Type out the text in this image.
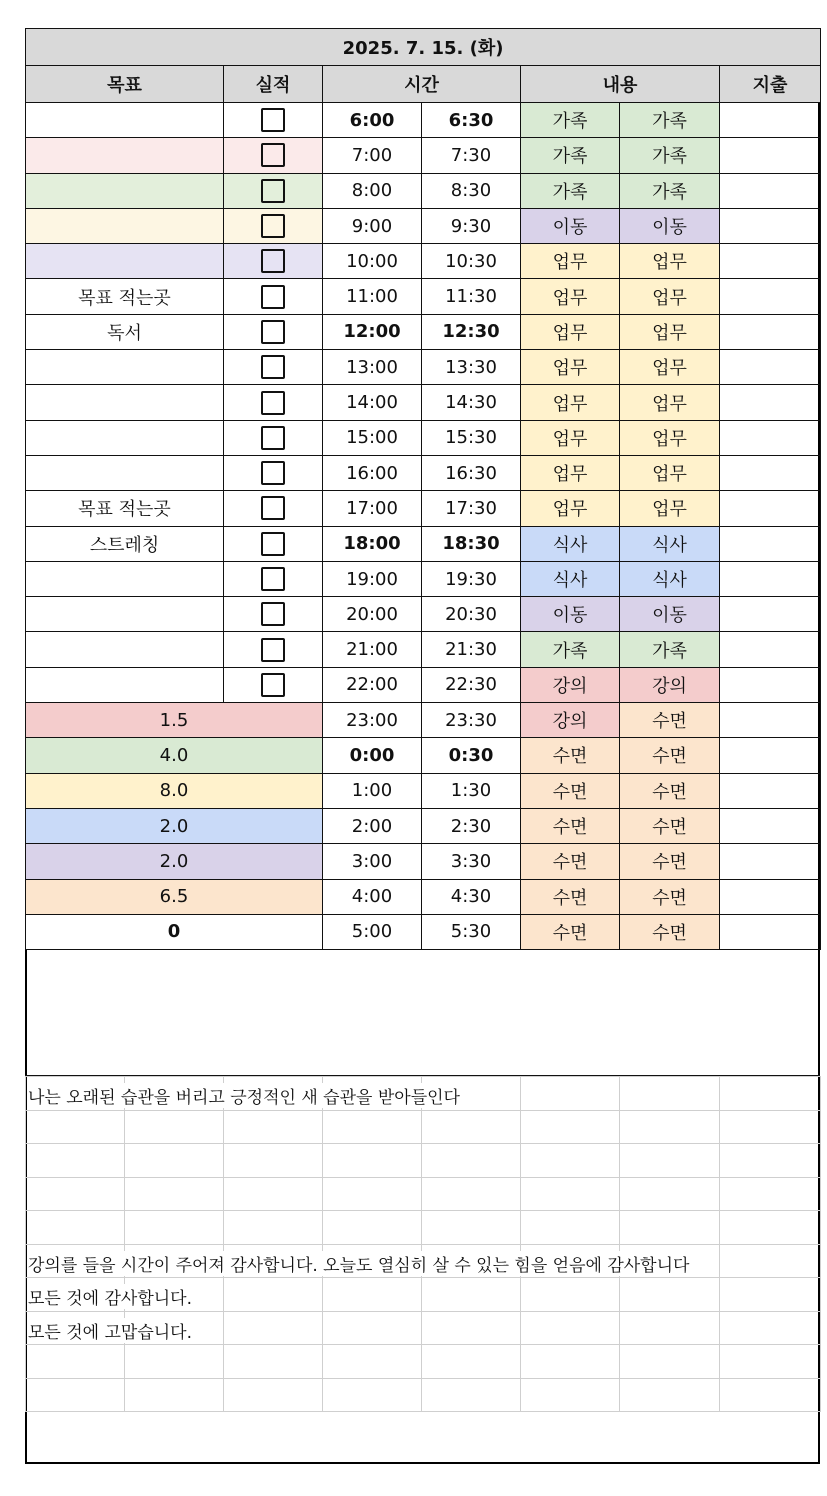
2025. 7. 15. (화)						
목표	실적	시간		내용		지출
		6:00	6:30	가족	가족	
		7:00	7:30	가족	가족	
		8:00	8:30	가족	가족	
		9:00	9:30	이동	이동	
		10:00	10:30	업무	업무	
목표 적는곳		11:00	11:30	업무	업무	
독서		12:00	12:30	업무	업무	
		13:00	13:30	업무	업무	
		14:00	14:30	업무	업무	
		15:00	15:30	업무	업무	
		16:00	16:30	업무	업무	
목표 적는곳		17:00	17:30	업무	업무	
스트레칭		18:00	18:30	식사	식사	
		19:00	19:30	식사	식사	
		20:00	20:30	이동	이동	
		21:00	21:30	가족	가족	
		22:00	22:30	강의	강의	
1.5		23:00	23:30	강의	수면	
4.0		0:00	0:30	수면	수면	
8.0		1:00	1:30	수면	수면	
2.0		2:00	2:30	수면	수면	
2.0		3:00	3:30	수면	수면	
6.5		4:00	4:30	수면	수면	
0		5:00	5:30	수면	수면	
나는 오래된 습관을 버리고 긍정적인 새 습관을 받아들인다							

강의를 들을 시간이 주어져 감사합니다. 오늘도 열심히 살 수 있는 힘을 얻음에 감사합니다							

모든 것에 감사합니다.							

모든 것에 고맙습니다.							
